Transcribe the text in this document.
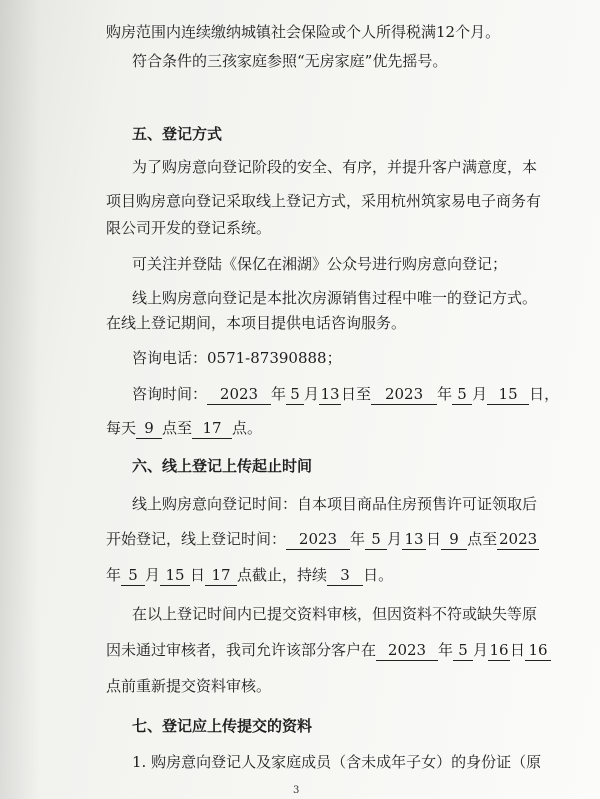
购房范围内连续缴纳城镇社会保险或个人所得税满12个月。
符合条件的三孩家庭参照“无房家庭”优先摇号。
五、登记方式
为了购房意向登记阶段的安全、有序，并提升客户满意度，本
项目购房意向登记采取线上登记方式，采用杭州筑家易电子商务有
限公司开发的登记系统。
可关注并登陆《保亿在湘湖》公众号进行购房意向登记；
线上购房意向登记是本批次房源销售过程中唯一的登记方式。
在线上登记期间，本项目提供电话咨询服务。
咨询电话：0571-87390888；
咨询时间： 2023 年 5 月13日至 2023 年 5 月 15 日，
每天 9 点至 17 点。
六、线上登记上传起止时间
线上购房意向登记时间：自本项目商品住房预售许可证领取后
开始登记，线上登记时间： 2023 年 5 月 13 日 9 点至 2023
年 5 月 15 日 17 点截止，持续 3 日。
在以上登记时间内已提交资料审核，但因资料不符或缺失等原
因未通过审核者，我司允许该部分客户在 2023 年 5 月16日 16
点前重新提交资料审核。
七、登记应上传提交的资料
1. 购房意向登记人及家庭成员（含未成年子女）的身份证（原
3
